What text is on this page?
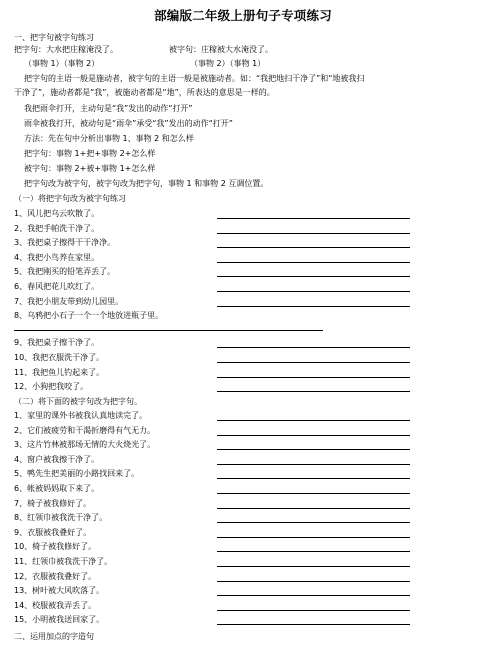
部编版二年级上册句子专项练习
一、把字句被字句练习
把字句：大水把庄稼淹没了。	被字句：庄稼被大水淹没了。
（事物 1）（事物 2）	（事物 2）（事物 1）
把字句的主语一般是施动者，被字句的主语一般是被施动者。如：“我把地扫干净了”和“地被我扫
干净了”，施动者都是“我”，被施动者都是“地”，所表达的意思是一样的。
我把雨伞打开，主动句是“我”发出的动作“打开”
雨伞被我打开，被动句是“雨伞”承受“我”发出的动作“打开”
方法：先在句中分析出事物 1、事物 2 和怎么样
把字句：事物 1+把+事物 2+怎么样
被字句：事物 2+被+事物 1+怎么样
把字句改为被字句，被字句改为把字句，事物 1 和事物 2 互调位置。
（一）将把字句改为被字句练习
1、风儿把乌云吹散了。
2、我把手帕洗干净了。
3、我把桌子擦得干干净净。
4、我把小鸟养在家里。
5、我把刚买的铅笔弄丢了。
6、春风把花儿吹红了。
7、我把小朋友带到幼儿园里。
8、乌鸦把小石子一个一个地放进瓶子里。
9、我把桌子擦干净了。
10、我把衣服洗干净了。
11、我把鱼儿钓起来了。
12、小狗把我咬了。
（二）将下面的被字句改为把字句。
1、家里的课外书被我认真地读完了。
2、它们被疲劳和干渴折磨得有气无力。
3、这片竹林被那场无情的大火烧光了。
4、窗户被我擦干净了。
5、鸭先生把美丽的小路找回来了。
6、帐被妈妈取下来了。
7、椅子被我修好了。
8、红领巾被我洗干净了。
9、衣服被我叠好了。
10、椅子被我修好了。
11、红领巾被我洗干净了。
12、衣服被我叠好了。
13、树叶被大风吹落了。
14、校服被我弄丢了。
15、小明被我送回家了。
二、运用加点的字造句
